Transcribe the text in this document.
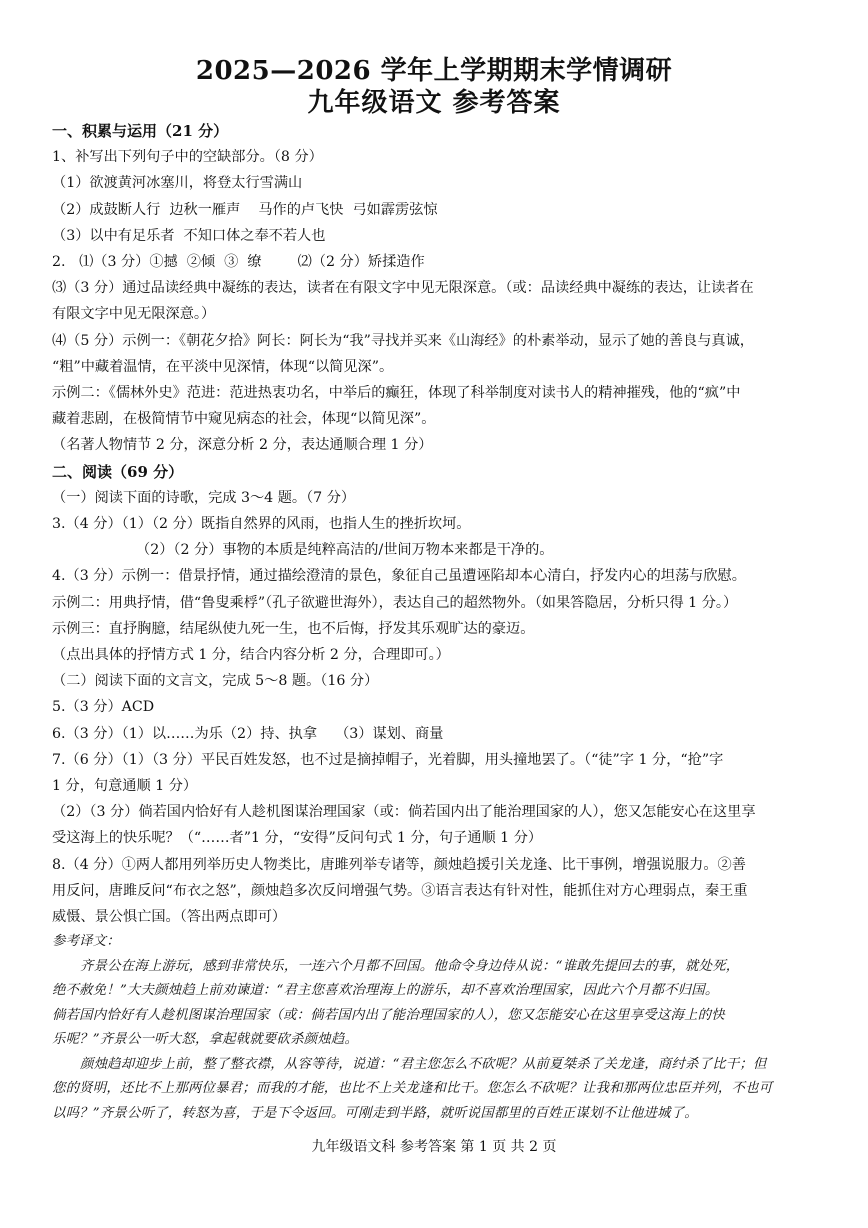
2025—2026 学年上学期期末学情调研
九年级语文 参考答案
一、积累与运用（21 分）
1、补写出下列句子中的空缺部分。（8 分）
（1）欲渡黄河冰塞川，将登太行雪满山
（2）成鼓断人行  边秋一雁声    马作的卢飞快  弓如霹雳弦惊
（3）以中有足乐者  不知口体之奉不若人也
2.   ⑴（3 分）①撼  ②倾  ③  缭        ⑵（2 分）矫揉造作
⑶（3 分）通过品读经典中凝练的表达，读者在有限文字中见无限深意。（或：品读经典中凝练的表达，让读者在
有限文字中见无限深意。）
⑷（5 分）示例一：《朝花夕拾》阿长：阿长为“我”寻找并买来《山海经》的朴素举动，显示了她的善良与真诚，
“粗”中藏着温情，在平淡中见深情，体现“以简见深”。
示例二：《儒林外史》范进：范进热衷功名，中举后的癫狂，体现了科举制度对读书人的精神摧残，他的“疯”中
藏着悲剧，在极简情节中窥见病态的社会，体现“以简见深”。
（名著人物情节 2 分，深意分析 2 分，表达通顺合理 1 分）
二、阅读（69 分）
（一）阅读下面的诗歌，完成 3～4 题。（7 分）
3.（4 分）（1）（2 分）既指自然界的风雨，也指人生的挫折坎坷。
（2）（2 分）事物的本质是纯粹高洁的/世间万物本来都是干净的。
4.（3 分）示例一：借景抒情，通过描绘澄清的景色，象征自己虽遭诬陷却本心清白，抒发内心的坦荡与欣慰。
示例二：用典抒情，借“鲁叟乘桴”（孔子欲避世海外），表达自己的超然物外。（如果答隐居，分析只得 1 分。）
示例三：直抒胸臆，结尾纵使九死一生，也不后悔，抒发其乐观旷达的豪迈。
（点出具体的抒情方式 1 分，结合内容分析 2 分，合理即可。）
（二）阅读下面的文言文，完成 5～8 题。（16 分）
5.（3 分）ACD
6.（3 分）（1）以……为乐（2）持、执拿    （3）谋划、商量
7.（6 分）（1）（3 分）平民百姓发怒，也不过是摘掉帽子，光着脚，用头撞地罢了。（“徒”字 1 分，“抢”字
1 分，句意通顺 1 分）
（2）（3 分）倘若国内恰好有人趁机图谋治理国家（或：倘若国内出了能治理国家的人），您又怎能安心在这里享
受这海上的快乐呢？（“……者”1 分，“安得”反问句式 1 分，句子通顺 1 分）
8.（4 分）①两人都用列举历史人物类比，唐雎列举专诸等，颜烛趋援引关龙逢、比干事例，增强说服力。②善
用反问，唐雎反问“布衣之怒”，颜烛趋多次反问增强气势。③语言表达有针对性，能抓住对方心理弱点，秦王重
威慑、景公惧亡国。（答出两点即可）
参考译文：
齐景公在海上游玩，感到非常快乐，一连六个月都不回国。他命令身边侍从说：“谁敢先提回去的事，就处死，
绝不赦免！”大夫颜烛趋上前劝谏道：“君主您喜欢治理海上的游乐，却不喜欢治理国家，因此六个月都不归国。
倘若国内恰好有人趁机图谋治理国家（或：倘若国内出了能治理国家的人），您又怎能安心在这里享受这海上的快
乐呢？”齐景公一听大怒，拿起戟就要砍杀颜烛趋。
颜烛趋却迎步上前，整了整衣襟，从容等待，说道：“君主您怎么不砍呢？从前夏桀杀了关龙逢，商纣杀了比干；但
您的贤明，还比不上那两位暴君；而我的才能，也比不上关龙逢和比干。您怎么不砍呢？让我和那两位忠臣并列，不也可
以吗？”齐景公听了，转怒为喜，于是下令返回。可刚走到半路，就听说国都里的百姓正谋划不让他进城了。
九年级语文科 参考答案 第 1 页 共 2 页
